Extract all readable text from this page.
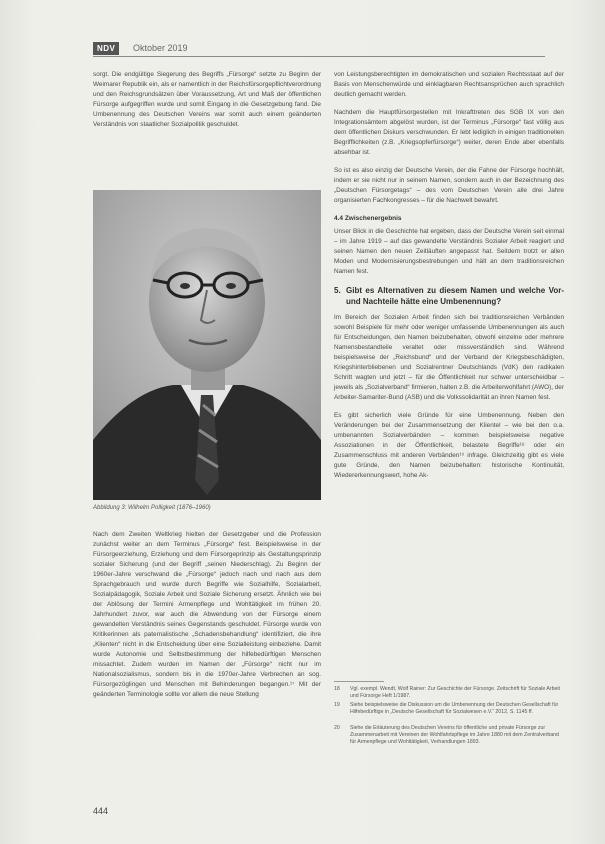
NDV	Oktober 2019

sorgt. Die endgültige Siegerung des Begriffs „Fürsorge“ setzte zu Beginn der Weimarer Republik ein, als er namentlich in der Reichsfürsorgepflichtverordnung und den Reichsgrundsätzen über Voraussetzung, Art und Maß der öffentlichen Fürsorge aufgegriffen wurde und somit Eingang in die Gesetzgebung fand. Die Umbenennung des Deutschen Vereins war somit auch einem geänderten Verständnis von staatlicher Sozialpolitik geschuldet.

Abbildung 3: Wilhelm Polligkeit (1876–1960)

Nach dem Zweiten Weltkrieg hielten der Gesetzgeber und die Profession zunächst weiter an dem Terminus „Fürsorge“ fest. Beispielsweise in der Fürsorgeerziehung, Erziehung und dem Fürsorgeprinzip als Gestaltungsprinzip sozialer Sicherung (und der Begriff „seinen Niederschlag). Zu Beginn der 1960er-Jahre verschwand die „Fürsorge“ jedoch nach und nach aus dem Sprachgebrauch und wurde durch Begriffe wie Sozialhilfe, Sozialarbeit, Sozialpädagogik, Soziale Arbeit und Soziale Sicherung ersetzt. Ähnlich wie bei der Ablösung der Termini Armenpflege und Wohltätigkeit im frühen 20. Jahrhundert zuvor, war auch die Abwendung von der Fürsorge einem gewandelten Verständnis seines Gegenstands geschuldet. Fürsorge wurde von Kritikerinnen als paternalistische „Schadensbehandlung“ identifiziert, die ihre „Klienten“ nicht in die Entscheidung über eine Sozialleistung einbeziehe. Damit wurde Autonomie und Selbstbestimmung der hilfebedürftigen Menschen missachtet. Zudem wurden im Namen der „Fürsorge“ nicht nur im Nationalsozialismus, sondern bis in die 1970er-Jahre Verbrechen an sog. Fürsorgezöglingen und Menschen mit Behinderungen begangen.¹⁷ Mit der geänderten Terminologie sollte vor allem die neue Stellung

von Leistungsberechtigten im demokratischen und sozialen Rechtsstaat auf der Basis von Menschenwürde und einklagbaren Rechtsansprüchen auch sprachlich deutlich gemacht werden.

Nachdem die Hauptfürsorgestellen mit Inkrafttreten des SGB IX von den Integrationsämtern abgelöst wurden, ist der Terminus „Fürsorge“ fast völlig aus dem öffentlichen Diskurs verschwunden. Er lebt lediglich in einigen traditionellen Begrifflichkeiten (z.B. „Kriegsopferfürsorge“) weiter, deren Ende aber ebenfalls absehbar ist.

So ist es also einzig der Deutsche Verein, der die Fahne der Fürsorge hochhält, indem er sie nicht nur in seinem Namen, sondern auch in der Bezeichnung des „Deutschen Fürsorgetags“ – des vom Deutschen Verein alle drei Jahre organisierten Fachkongresses – für die Nachwelt bewahrt.

4.4 Zwischenergebnis

Unser Blick in die Geschichte hat ergeben, dass der Deutsche Verein seit einmal – im Jahre 1919 – auf das gewandelte Verständnis Sozialer Arbeit reagiert und seinen Namen den neuen Zeitläuften angepasst hat. Seitdem trotzt er allen Moden und Modernisierungsbestrebungen und hält an dem traditionsreichen Namen fest.

5. Gibt es Alternativen zu diesem Namen und welche Vor- und Nachteile hätte eine Umbenennung?

Im Bereich der Sozialen Arbeit finden sich bei traditionsreichen Verbänden sowohl Beispiele für mehr oder weniger umfassende Umbenennungen als auch für Entscheidungen, den Namen beizubehalten, obwohl einzelne oder mehrere Namensbestandteile veraltet oder missverständlich sind. Während beispielsweise der „Reichsbund“ und der Verband der Kriegsbeschädigten, Kriegshinterbliebenen und Sozialrentner Deutschlands (VdK) den radikalen Schritt wagten und jetzt – für die Öffentlichkeit nur schwer unterscheidbar – jeweils als „Sozialverband“ firmieren, halten z.B. die Arbeiterwohlfahrt (AWO), der Arbeiter-Samariter-Bund (ASB) und die Volkssolidarität an ihren Namen fest.

Es gibt sicherlich viele Gründe für eine Umbenennung. Neben den Veränderungen bei der Zusammensetzung der Klientel – wie bei den o.a. umbenannten Sozialverbänden – kommen beispielsweise negative Assoziationen in der Öffentlichkeit, belastete Begriffe¹⁸ oder ein Zusammenschluss mit anderen Verbänden¹⁹ infrage. Gleichzeitig gibt es viele gute Gründe, den Namen beizubehalten: historische Kontinuität, Wiedererkennungswert, hohe Ak-

18	Vgl. exempl. Wendt, Wolf Rainer: Zur Geschichte der Fürsorge. Zeitschrift für Soziale Arbeit und Fürsorge Heft 1/1987.
19	Siehe beispielsweise die Diskussion um die Umbenennung der Deutschen Gesellschaft für Hilfebedürftige in „Deutsche Gesellschaft für Sozialwesen e.V.“ 2012, S. 1145 ff.
20	Siehe die Erläuterung des Deutschen Vereins für öffentliche und private Fürsorge zur Zusammenarbeit mit Vereinen der Wohlfahrtspflege im Jahre 1880 mit dem Zentralverband für Armenpflege und Wohltätigkeit, Verhandlungen 1893.
444
